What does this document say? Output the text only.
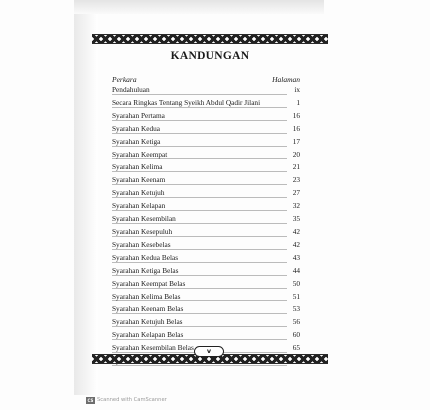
KANDUNGAN
Perkara	Halaman
Pendahuluan	ix
Secara Ringkas Tentang Syeikh Abdul Qadir Jilani	1
Syarahan Pertama	16
Syarahan Kedua	16
Syarahan Ketiga	17
Syarahan Keempat	20
Syarahan Kelima	21
Syarahan Keenam	23
Syarahan Ketujuh	27
Syarahan Kelapan	32
Syarahan Kesembilan	35
Syarahan Kesepuluh	42
Syarahan Kesebelas	42
Syarahan Kedua Belas	43
Syarahan Ketiga Belas	44
Syarahan Keempat Belas	50
Syarahan Kelima Belas	51
Syarahan Keenam Belas	53
Syarahan Ketujuh Belas	56
Syarahan Kelapan Belas	60
Syarahan Kesembilan Belas	65
v
CS Scanned with CamScanner
